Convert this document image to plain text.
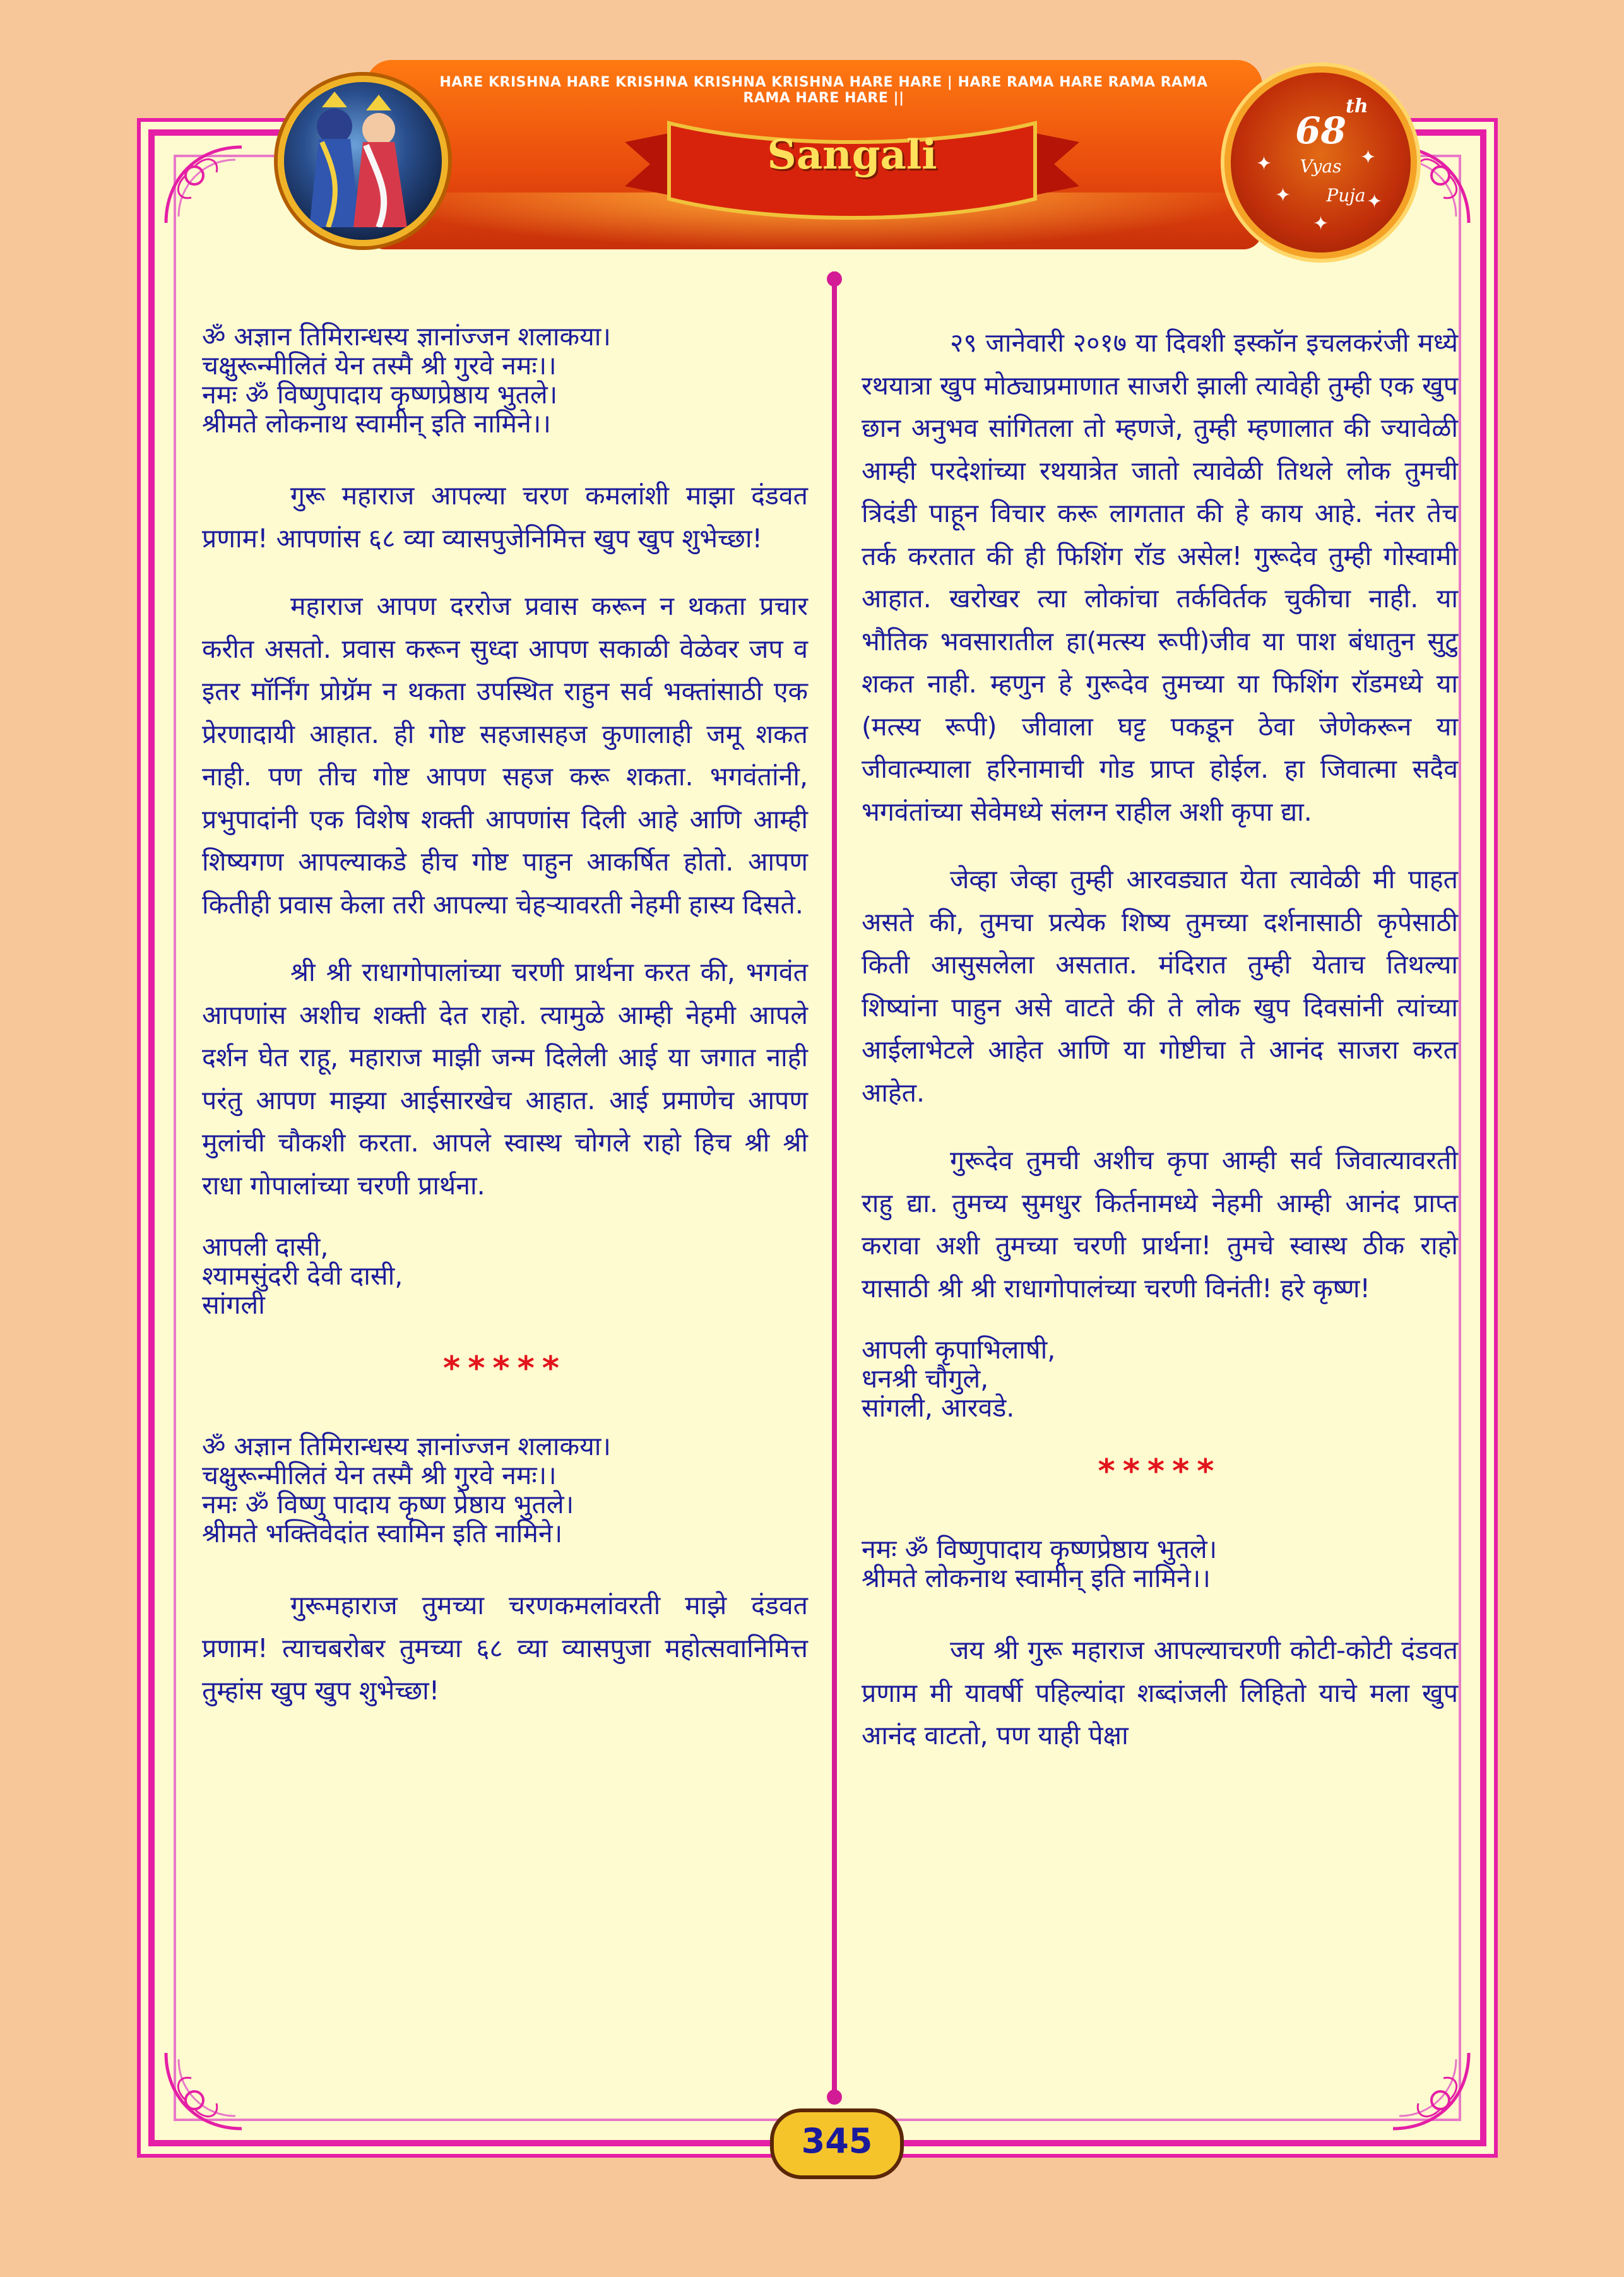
HARE KRISHNA HARE KRISHNA KRISHNA KRISHNA HARE HARE | HARE RAMA HARE RAMA RAMA RAMA HARE HARE ||
Sangali
68
th
Vyas
Puja
✦	✦
✦	✦
✦
ॐ अज्ञान तिमिरान्धस्य ज्ञानांज्जन शलाकया।
चक्षुरून्मीलितं येन तस्मै श्री गुरवे नमः।।
नमः ॐ विष्णुपादाय कृष्णप्रेष्ठाय भुतले।
श्रीमते लोकनाथ स्वामीन् इति नामिने।।

गुरू महाराज आपल्या चरण कमलांशी माझा दंडवत प्रणाम! आपणांस ६८ व्या व्यासपुजेनिमित्त खुप खुप शुभेच्छा!

महाराज आपण दररोज प्रवास करून न थकता प्रचार करीत असतो. प्रवास करून सुध्दा आपण सकाळी वेळेवर जप व इतर मॉर्निंग प्रोग्रॅम न थकता उपस्थित राहुन सर्व भक्तांसाठी एक प्रेरणादायी आहात. ही गोष्ट सहजासहज कुणालाही जमू शकत नाही. पण तीच गोष्ट आपण सहज करू शकता. भगवंतांनी, प्रभुपादांनी एक विशेष शक्ती आपणांस दिली आहे आणि आम्ही शिष्यगण आपल्याकडे हीच गोष्ट पाहुन आकर्षित होतो. आपण कितीही प्रवास केला तरी आपल्या चेहऱ्यावरती नेहमी हास्य दिसते.

श्री श्री राधागोपालांच्या चरणी प्रार्थना करत की, भगवंत आपणांस अशीच शक्ती देत राहो. त्यामुळे आम्ही नेहमी आपले दर्शन घेत राहू, महाराज माझी जन्म दिलेली आई या जगात नाही परंतु आपण माझ्या आईसारखेच आहात. आई प्रमाणेच आपण मुलांची चौकशी करता. आपले स्वास्थ चोगले राहो हिच श्री श्री राधा गोपालांच्या चरणी प्रार्थना.

आपली दासी,
श्यामसुंदरी देवी दासी,
सांगली
*****
ॐ अज्ञान तिमिरान्धस्य ज्ञानांज्जन शलाकया।
चक्षुरून्मीलितं येन तस्मै श्री गुरवे नमः।।
नमः ॐ विष्णु पादाय कृष्ण प्रेष्ठाय भुतले।
श्रीमते भक्तिवेदांत स्वामिन इति नामिने।

गुरूमहाराज तुमच्या चरणकमलांवरती माझे दंडवत प्रणाम! त्याचबरोबर तुमच्या ६८ व्या व्यासपुजा महोत्सवानिमित्त तुम्हांस खुप खुप शुभेच्छा!

२९ जानेवारी २०१७ या दिवशी इस्कॉन इचलकरंजी मध्ये रथयात्रा खुप मोठ्याप्रमाणात साजरी झाली त्यावेही तुम्ही एक खुप छान अनुभव सांगितला तो म्हणजे, तुम्ही म्हणालात की ज्यावेळी आम्ही परदेशांच्या रथयात्रेत जातो त्यावेळी तिथले लोक तुमची त्रिदंडी पाहून विचार करू लागतात की हे काय आहे. नंतर तेच तर्क करतात की ही फिशिंग रॉड असेल! गुरूदेव तुम्ही गोस्वामी आहात. खरोखर त्या लोकांचा तर्कविर्तक चुकीचा नाही. या भौतिक भवसारातील हा(मत्स्य रूपी)जीव या पाश बंधातुन सुटु शकत नाही. म्हणुन हे गुरूदेव तुमच्या या फिशिंग रॉडमध्ये या (मत्स्य रूपी) जीवाला घट्ट पकडून ठेवा जेणेकरून या जीवात्म्याला हरिनामाची गोड प्राप्त होईल. हा जिवात्मा सदैव भगवंतांच्या सेवेमध्ये संलग्न राहील अशी कृपा द्या.

जेव्हा जेव्हा तुम्ही आरवड्यात येता त्यावेळी मी पाहत असते की, तुमचा प्रत्येक शिष्य तुमच्या दर्शनासाठी कृपेसाठी किती आसुसलेला असतात. मंदिरात तुम्ही येताच तिथल्या शिष्यांना पाहुन असे वाटते की ते लोक खुप दिवसांनी त्यांच्या आईलाभेटले आहेत आणि या गोष्टीचा ते आनंद साजरा करत आहेत.

गुरूदेव तुमची अशीच कृपा आम्ही सर्व जिवात्यावरती राहु द्या. तुमच्य सुमधुर किर्तनामध्ये नेहमी आम्ही आनंद प्राप्त करावा अशी तुमच्या चरणी प्रार्थना! तुमचे स्वास्थ ठीक राहो यासाठी श्री श्री राधागोपालंच्या चरणी विनंती! हरे कृष्ण!

आपली कृपाभिलाषी,
धनश्री चौगुले,
सांगली, आरवडे.
*****
नमः ॐ विष्णुपादाय कृष्णप्रेष्ठाय भुतले।
श्रीमते लोकनाथ स्वामीन् इति नामिने।।

जय श्री गुरू महाराज आपल्याचरणी कोटी-कोटी दंडवत प्रणाम मी यावर्षी पहिल्यांदा शब्दांजली लिहितो याचे मला खुप आनंद वाटतो, पण याही पेक्षा

345
